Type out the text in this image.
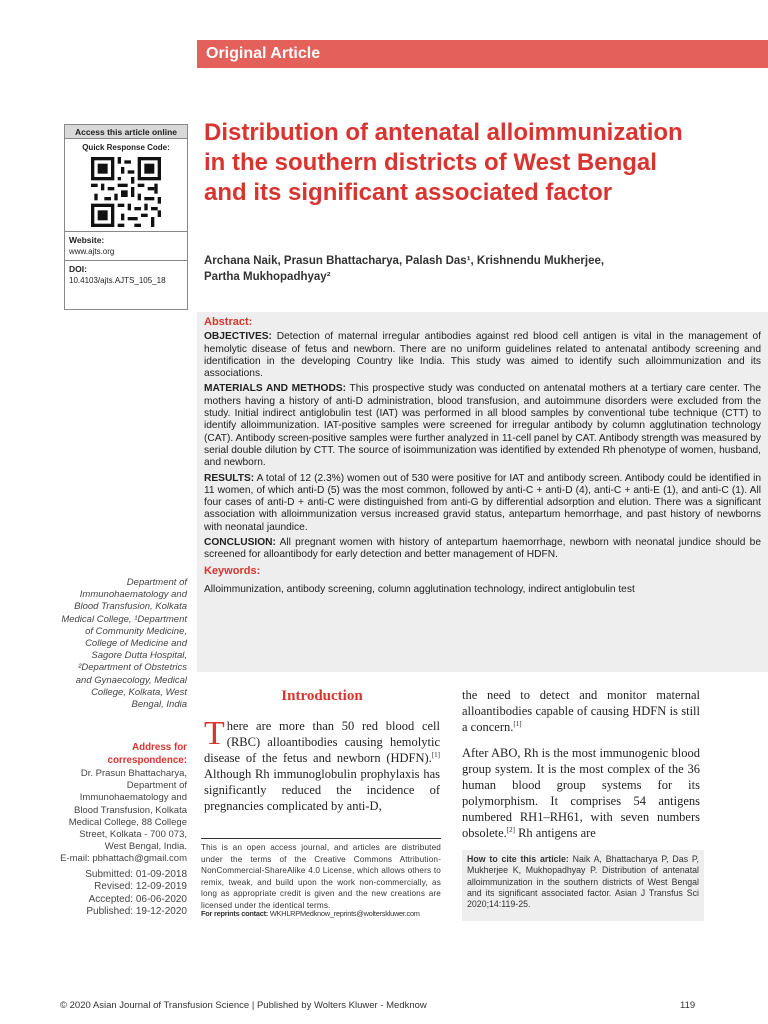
Original Article
Access this article online
Quick Response Code:
Website:
www.ajts.org
DOI:
10.4103/ajts.AJTS_105_18
Distribution of antenatal alloimmunization in the southern districts of West Bengal and its significant associated factor
Archana Naik, Prasun Bhattacharya, Palash Das¹, Krishnendu Mukherjee,
Partha Mukhopadhyay²
Abstract:

OBJECTIVES: Detection of maternal irregular antibodies against red blood cell antigen is vital in the management of hemolytic disease of fetus and newborn. There are no uniform guidelines related to antenatal antibody screening and identification in the developing Country like India. This study was aimed to identify such alloimmunization and its associations.

MATERIALS AND METHODS: This prospective study was conducted on antenatal mothers at a tertiary care center. The mothers having a history of anti-D administration, blood transfusion, and autoimmune disorders were excluded from the study. Initial indirect antiglobulin test (IAT) was performed in all blood samples by conventional tube technique (CTT) to identify alloimmunization. IAT-positive samples were screened for irregular antibody by column agglutination technology (CAT). Antibody screen-positive samples were further analyzed in 11-cell panel by CAT. Antibody strength was measured by serial double dilution by CTT. The source of isoimmunization was identified by extended Rh phenotype of women, husband, and newborn.

RESULTS: A total of 12 (2.3%) women out of 530 were positive for IAT and antibody screen. Antibody could be identified in 11 women, of which anti-D (5) was the most common, followed by anti-C + anti-D (4), anti-C + anti-E (1), and anti-C (1). All four cases of anti-D + anti-C were distinguished from anti-G by differential adsorption and elution. There was a significant association with alloimmunization versus increased gravid status, antepartum hemorrhage, and past history of newborns with neonatal jaundice.

CONCLUSION: All pregnant women with history of antepartum haemorrhage, newborn with neonatal jundice should be screened for alloantibody for early detection and better management of HDFN.

Keywords:

Alloimmunization, antibody screening, column agglutination technology, indirect antiglobulin test

Department of Immunohaematology and Blood Transfusion, Kolkata Medical College, ¹Department of Community Medicine, College of Medicine and Sagore Dutta Hospital, ²Department of Obstetrics and Gynaecology, Medical College, Kolkata, West Bengal, India
Address for correspondence:
Dr. Prasun Bhattacharya, Department of Immunohaematology and Blood Transfusion, Kolkata Medical College, 88 College Street, Kolkata - 700 073, West Bengal, India.
E-mail: pbhattach@gmail.com
Submitted: 01-09-2018
Revised: 12-09-2019
Accepted: 06-06-2020
Published: 19-12-2020
Introduction
There are more than 50 red blood cell (RBC) alloantibodies causing hemolytic disease of the fetus and newborn (HDFN).[1] Although Rh immunoglobulin prophylaxis has significantly reduced the incidence of pregnancies complicated by anti-D,
This is an open access journal, and articles are distributed under the terms of the Creative Commons Attribution-NonCommercial-ShareAlike 4.0 License, which allows others to remix, tweak, and build upon the work non-commercially, as long as appropriate credit is given and the new creations are licensed under the identical terms.
For reprints contact: WKHLRPMedknow_reprints@wolterskluwer.com

the need to detect and monitor maternal alloantibodies capable of causing HDFN is still a concern.[1]

After ABO, Rh is the most immunogenic blood group system. It is the most complex of the 36 human blood group systems for its polymorphism. It comprises 54 antigens numbered RH1–RH61, with seven numbers obsolete.[2] Rh antigens are

How to cite this article: Naik A, Bhattacharya P, Das P, Mukherjee K, Mukhopadhyay P. Distribution of antenatal alloimmunization in the southern districts of West Bengal and its significant associated factor. Asian J Transfus Sci 2020;14:119-25.
© 2020 Asian Journal of Transfusion Science | Published by Wolters Kluwer - Medknow	119
